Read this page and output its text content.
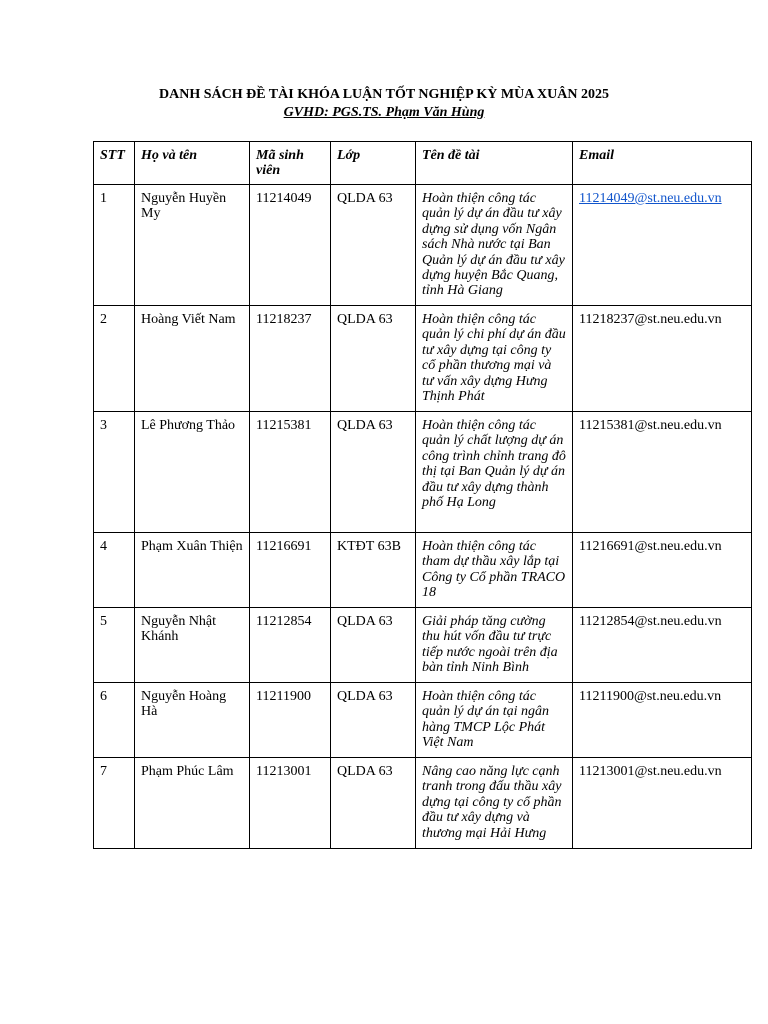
DANH SÁCH ĐỀ TÀI KHÓA LUẬN TỐT NGHIỆP KỲ MÙA XUÂN 2025
GVHD: PGS.TS. Phạm Văn Hùng
STT	Họ và tên	Mã sinh viên	Lớp	Tên đề tài	Email
1	Nguyễn Huyền My	11214049	QLDA 63	Hoàn thiện công tác quản lý dự án đầu tư xây dựng sử dụng vốn Ngân sách Nhà nước tại Ban Quản lý dự án đầu tư xây dựng huyện Bắc Quang, tỉnh Hà Giang	11214049@st.neu.edu.vn
2	Hoàng Viết Nam	11218237	QLDA 63	Hoàn thiện công tác quản lý chi phí dự án đầu tư xây dựng tại công ty cổ phần thương mại và tư vấn xây dựng Hưng Thịnh Phát	11218237@st.neu.edu.vn
3	Lê Phương Thảo	11215381	QLDA 63	Hoàn thiện công tác quản lý chất lượng dự án công trình chỉnh trang đô thị tại Ban Quản lý dự án đầu tư xây dựng thành phố Hạ Long	11215381@st.neu.edu.vn
4	Phạm Xuân Thiện	11216691	KTĐT 63B	Hoàn thiện công tác tham dự thầu xây lắp tại Công ty Cổ phần TRACO 18	11216691@st.neu.edu.vn
5	Nguyễn Nhật Khánh	11212854	QLDA 63	Giải pháp tăng cường thu hút vốn đầu tư trực tiếp nước ngoài trên địa bàn tỉnh Ninh Bình	11212854@st.neu.edu.vn
6	Nguyễn Hoàng Hà	11211900	QLDA 63	Hoàn thiện công tác quản lý dự án tại ngân hàng TMCP Lộc Phát Việt Nam	11211900@st.neu.edu.vn
7	Phạm Phúc Lâm	11213001	QLDA 63	Nâng cao năng lực cạnh tranh trong đấu thầu xây dựng tại công ty cổ phần đầu tư xây dựng và thương mại Hải Hưng	11213001@st.neu.edu.vn
